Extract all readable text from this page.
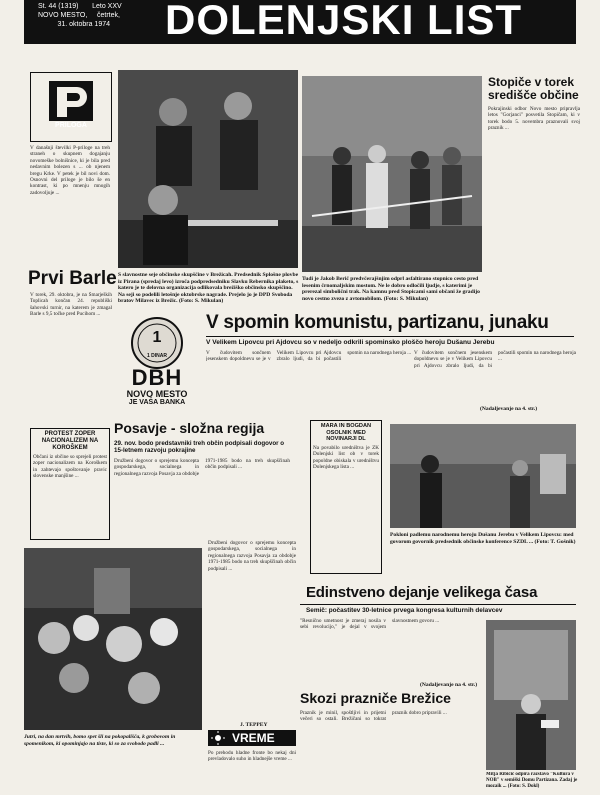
St. 44 (1319) Leto XXV
NOVO MESTO, četrtek,
31. oktobra 1974 DOLENJSKI LIST
PRILOGA
V današnji številki P-priloge na treh straneh o skupnem dogajanju novomeške bolnišnice, ki je bila pred nedavnim bolezen s ... ob njenem bregu Krke. V petek je bil novi dom. Osnovni del priloge je bilo še en kontrast, ki po mnenju mnogih zadovoljuje ...
Prvi Barle
V torek, 29. oktobra, je na Šmarjeških Toplicah končan 24. republiški šahovski turnir, na katerem je zmagal Barle s 9,5 točke pred Pucihom ...
PROTEST ZOPER NACIONALIZEM NA KOROŠKEM
Občani iz občine so sprejeli protest zoper nacionalizem na Koroškem in zahtevajo spoštovanje pravic slovenske manjšine ...
S slavnostne seje občinske skupščine v Brežicah. Predsednik Splošne plovbe iz Pirana (spredaj levo) izroča podpredsedniku Slavku Rebernika plaketo, s katero je te delovna organizacija odlikovala brežiško občinsko skupščino. Na seji so podelili letošnje oktobrske nagrade. Prejelo jo je DPD Svoboda bratov Milavec iz Brežic. (Foto: S. Mikulan)
Tudi je Jakob Berič predvčerajšnjim odprl asfaltirano stopnico cesto pred lesenim črnomaljskim mostom. Ne le dobro odločili ljudje, s katerimi je prerezal simbolični trak. Na kamnu pred Stopicami sami občani že gradijo novo cestno zvezo z avtomobilom. (Foto: S. Mikulan)
Stopiče v torek središče občine
Pokrajinski odbor Novo mesto pripravlja letos "Gorjanci" posvetila Stopičam, ki v torek bodo 5. novembra praznovali svoj praznik ...
1
1 DINAR
DBH
NOVO MESTO
JE VAŠA BANKA
V spomin komunistu, partizanu, junaku
V Velikem Lipovcu pri Ajdovcu so v nedeljo odkrili spominsko ploščo heroju Dušanu Jerebu
V čudovitem sončnem jesenskem dopoldnevu se je v Velikem Lipovcu pri Ajdovcu zbralo ljudi, da bi počastili spomin na narodnega heroja ... V čudovitem sončnem jesenskem dopoldnevu se je v Velikem Lipovcu pri Ajdovcu zbralo ljudi, da bi počastili spomin na narodnega heroja ...
(Nadaljevanje na 4. str.)
Posavje - složna regija
29. nov. bodo predstavniki treh občin podpisali dogovor o 15-letnem razvoju pokrajine
Družbeni dogovor o sprejemu koncepta gospodarskega, socialnega in regionalnega razvoja Posavja za obdobje 1971-1985 bodo na treh skupščinah občin podpisali ...
Družbeni dogovor o sprejemu koncepta gospodarskega, socialnega in regionalnega razvoja Posavja za obdobje 1971-1985 bodo na treh skupščinah občin podpisali ...
J. TEPPEY
MARA IN BOGDAN OSOLNIK MED NOVINARJI DL
Na povabilo uredništva je ZK Dolenjski list ob v torek popoldne obiskala v uredništvu Dolenjskega lista ...
Pokloni padlemu narodnemu heroju Dušanu Jerebu v Velikem Lipovcu: med govorom govornik predsednik občinske konference SZDL ... (Foto: T. Gošnik)
Edinstveno dejanje velikega časa
Semič: počastitev 30-letnice prvega kongresa kulturnih delavcev
"Resnično umetnost je zmeraj nosila v sebi revolucijo," je dejal v svojem slavnostnem govoru ...
(Nadaljevanje na 4. str.)
Skozi prazniče Brežice
Praznik je minil, spoštljivi in prijetni večeri so ostali. Brežičani so tokrat praznik dobro pripravili ...
Mitja Ribičič odpira razstavo "Kultura v NOB" v semiški Domu Partizana. Zadaj je mozaik ... (Foto: S. Dokl)
Jutri, na dan mrtvih, bomo spet šli na pokopališča, k grobovom in spomenikom, ki opominjajo na tiste, ki so za svobodo padli ...	VREME
Po prehodu hladne fronte bo nekaj dni prevladovalo suho in hladnejše vreme ...
